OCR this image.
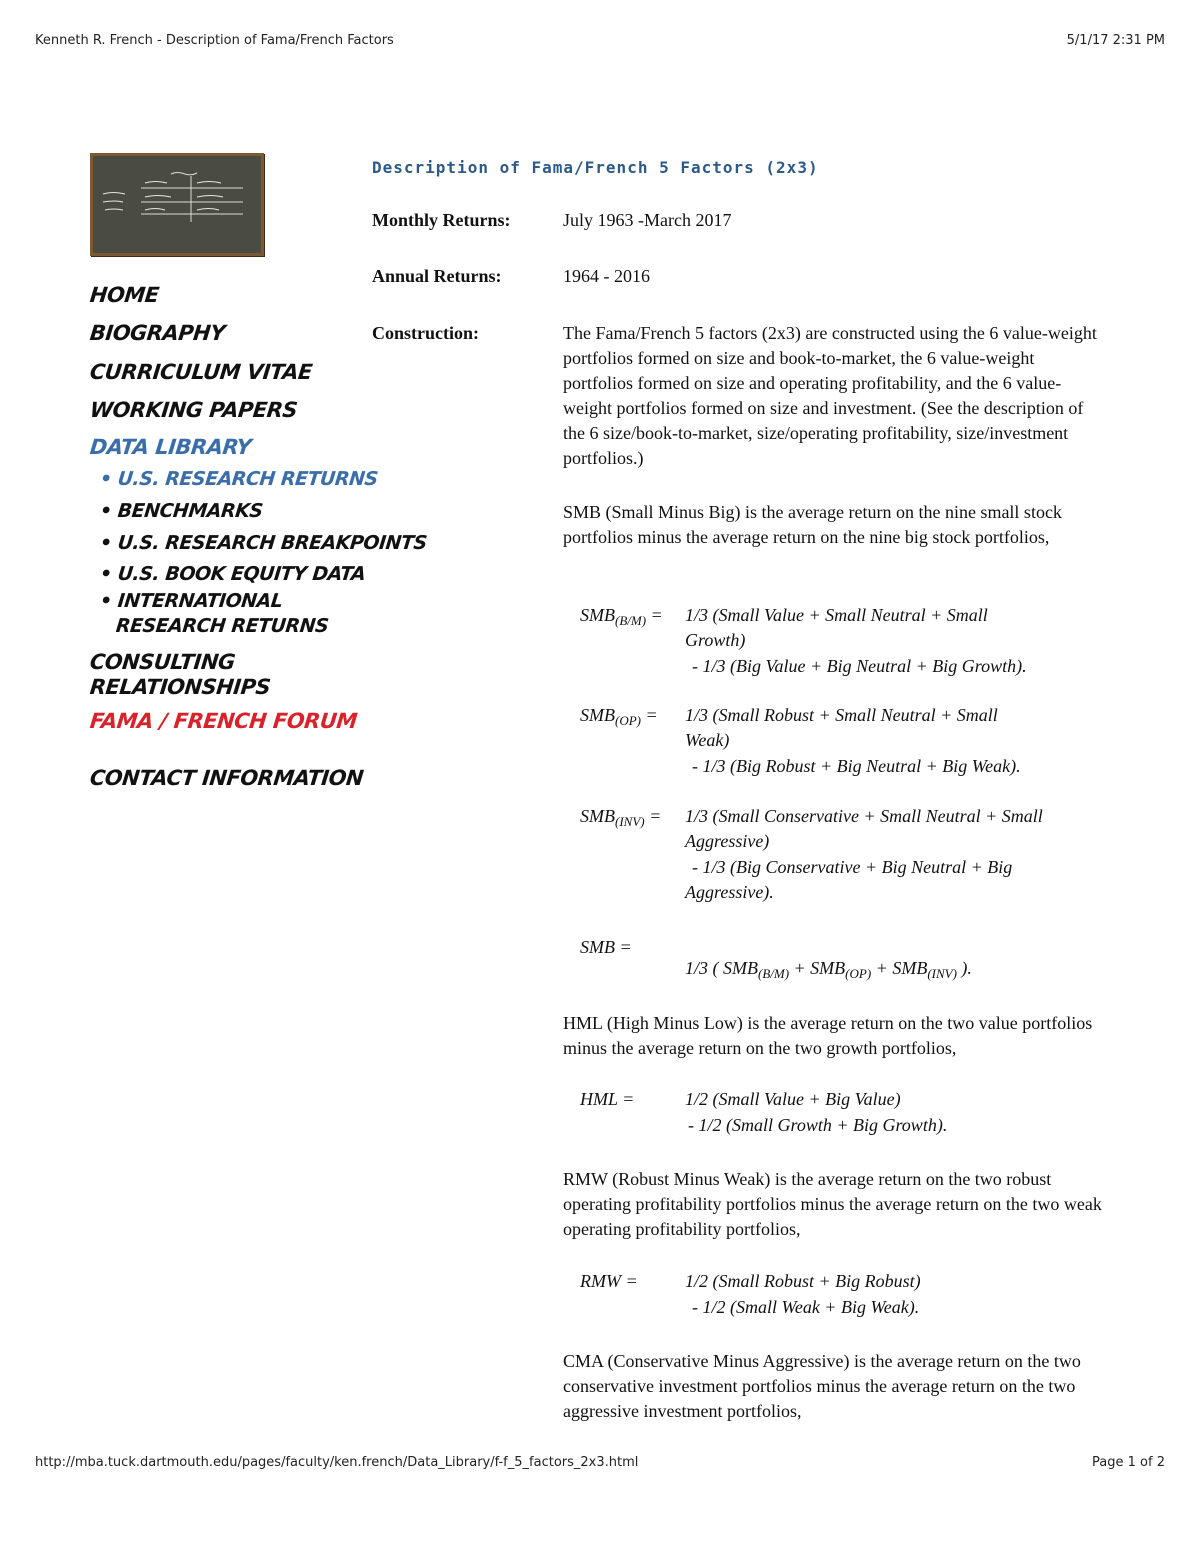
Kenneth R. French - Description of Fama/French Factors	5/1/17 2:31 PM
http://mba.tuck.dartmouth.edu/pages/faculty/ken.french/Data_Library/f-f_5_factors_2x3.html	Page 1 of 2
HOME
BIOGRAPHY
CURRICULUM VITAE
WORKING PAPERS
DATA LIBRARY
• U.S. RESEARCH RETURNS
• BENCHMARKS
• U.S. RESEARCH BREAKPOINTS
• U.S. BOOK EQUITY DATA
• INTERNATIONAL
RESEARCH RETURNS
CONSULTING
RELATIONSHIPS
FAMA / FRENCH FORUM
CONTACT INFORMATION
Description of Fama/French 5 Factors (2x3)
Monthly Returns:	July 1963 -March 2017
Annual Returns:	1964 - 2016
Construction:	The Fama/French 5 factors (2x3) are constructed using the 6 value-weight portfolios formed on size and book-to-market, the 6 value-weight portfolios formed on size and operating profitability, and the 6 value-weight portfolios formed on size and investment. (See the description of the 6 size/book-to-market, size/operating profitability, size/investment portfolios.)
SMB (Small Minus Big) is the average return on the nine small stock portfolios minus the average return on the nine big stock portfolios,
$SMB_{(B/M)} = 1/3$ (Small Value + Small Neutral + Small
Growth)
- 1/3 (Big Value + Big Neutral + Big Growth).
$SMB_{(OP)} = 1/3$ (Small Robust + Small Neutral + Small
Weak)
- 1/3 (Big Robust + Big Neutral + Big Weak).
$SMB_{(INV)} = 1/3$ (Small Conservative + Small Neutral + Small
Aggressive)
- 1/3 (Big Conservative + Big Neutral + Big
Aggressive).
SMB =
1/3 ( $SMB_{(B/M)} + SMB_{(OP)} + SMB_{(INV)}$ ).
HML (High Minus Low) is the average return on the two value portfolios minus the average return on the two growth portfolios,
HML =	1/2 (Small Value + Big Value)
- 1/2 (Small Growth + Big Growth).
RMW (Robust Minus Weak) is the average return on the two robust operating profitability portfolios minus the average return on the two weak operating profitability portfolios,
RMW =	1/2 (Small Robust + Big Robust)
- 1/2 (Small Weak + Big Weak).
CMA (Conservative Minus Aggressive) is the average return on the two conservative investment portfolios minus the average return on the two aggressive investment portfolios,
